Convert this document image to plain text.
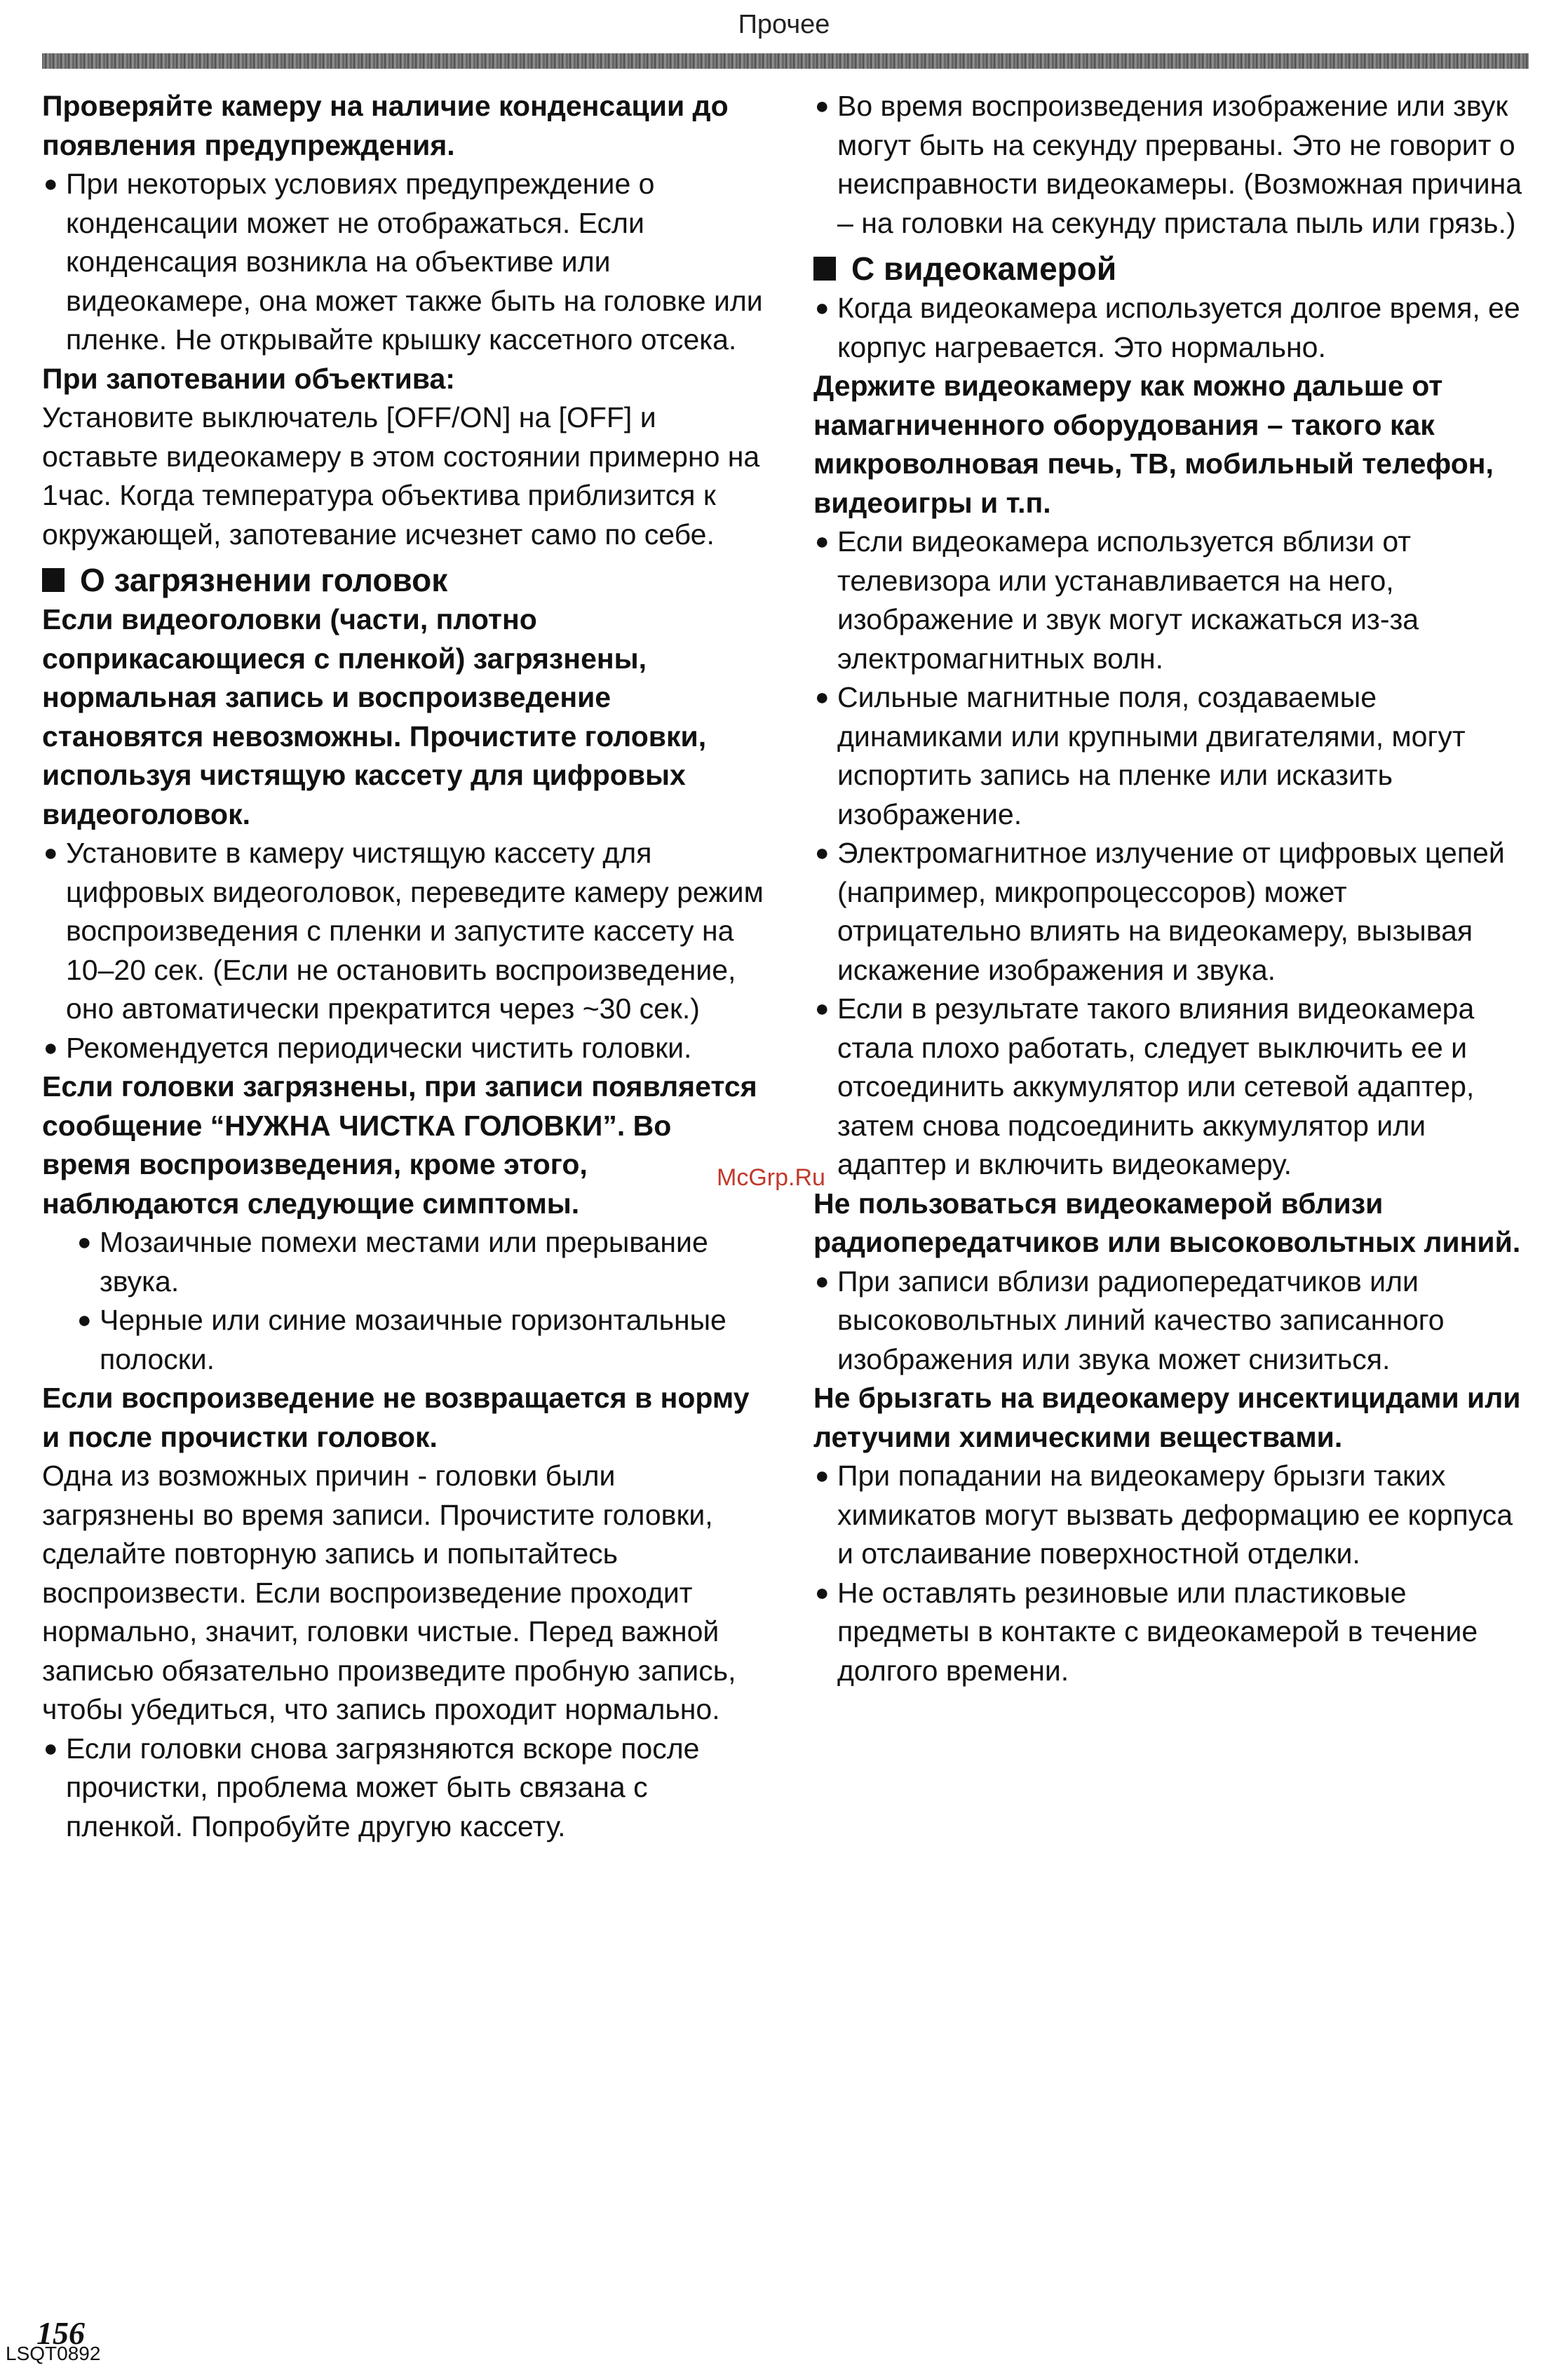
Прочее

Проверяйте камеру на наличие конденсации до появления предупреждения.

● При некоторых условиях предупреждение о конденсации может не отображаться. Если конденсация возникла на объективе или видеокамере, она может также быть на головке или пленке. Не открывайте крышку кассетного отсека.

При запотевании объектива:

Установите выключатель [OFF/ON] на [OFF] и оставьте видеокамеру в этом состоянии примерно на 1час. Когда температура объектива приблизится к окружающей, запотевание исчезнет само по себе.

О загрязнении головок

Если видеоголовки (части, плотно соприкасающиеся с пленкой) загрязнены, нормальная запись и воспроизведение становятся невозможны. Прочистите головки, используя чистящую кассету для цифровых видеоголовок.

● Установите в камеру чистящую кассету для цифровых видеоголовок, переведите камеру режим воспроизведения с пленки и запустите кассету на 10–20 сек. (Если не остановить воспроизведение, оно автоматически прекратится через ~30 сек.)
● Рекомендуется периодически чистить головки.

Если головки загрязнены, при записи появляется сообщение “НУЖНА ЧИСТКА ГОЛОВКИ”. Во время воспроизведения, кроме этого, наблюдаются следующие симптомы.

● Мозаичные помехи местами или прерывание звука.
● Черные или синие мозаичные горизонтальные полоски.

Если воспроизведение не возвращается в норму и после прочистки головок.

Одна из возможных причин - головки были загрязнены во время записи. Прочистите головки, сделайте повторную запись и попытайтесь воспроизвести. Если воспроизведение проходит нормально, значит, головки чистые. Перед важной записью обязательно произведите пробную запись, чтобы убедиться, что запись проходит нормально.

● Если головки снова загрязняются вскоре после прочистки, проблема может быть связана с пленкой. Попробуйте другую кассету.
● Во время воспроизведения изображение или звук могут быть на секунду прерваны. Это не говорит о неисправности видеокамеры. (Возможная причина – на головки на секунду пристала пыль или грязь.)
С видеокамерой
● Когда видеокамера используется долгое время, ее корпус нагревается. Это нормально.

Держите видеокамеру как можно дальше от намагниченного оборудования – такого как микроволновая печь, ТВ, мобильный телефон, видеоигры и т.п.

● Если видеокамера используется вблизи от телевизора или устанавливается на него, изображение и звук могут искажаться из-за электромагнитных волн.
● Сильные магнитные поля, создаваемые динамиками или крупными двигателями, могут испортить запись на пленке или исказить изображение.
● Электромагнитное излучение от цифровых цепей (например, микропроцессоров) может отрицательно влиять на видеокамеру, вызывая искажение изображения и звука.
● Если в результате такого влияния видеокамера стала плохо работать, следует выключить ее и отсоединить аккумулятор или сетевой адаптер, затем снова подсоединить аккумулятор или адаптер и включить видеокамеру.

Не пользоваться видеокамерой вблизи радиопередатчиков или высоковольтных линий.

● При записи вблизи радиопередатчиков или высоковольтных линий качество записанного изображения или звука может снизиться.

Не брызгать на видеокамеру инсектицидами или летучими химическими веществами.

● При попадании на видеокамеру брызги таких химикатов могут вызвать деформацию ее корпуса и отслаивание поверхностной отделки.
● Не оставлять резиновые или пластиковые предметы в контакте с видеокамерой в течение долгого времени.
McGrp.Ru
156
LSQT0892
